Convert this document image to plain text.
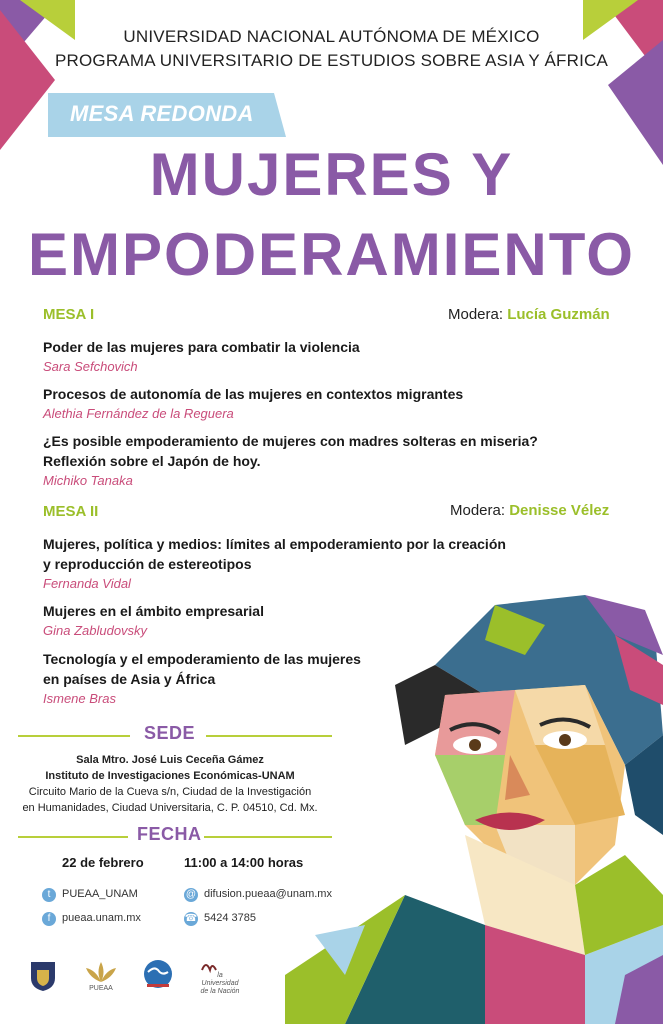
UNIVERSIDAD NACIONAL AUTÓNOMA DE MÉXICO
PROGRAMA UNIVERSITARIO DE ESTUDIOS SOBRE ASIA Y ÁFRICA
MESA REDONDA
MUJERES Y
EMPODERAMIENTO
MESA I	Modera: Lucía Guzmán
Poder de las mujeres para combatir la violencia
Sara Sefchovich
Procesos de autonomía de las mujeres en contextos migrantes
Alethia Fernández de la Reguera
¿Es posible empoderamiento de mujeres con madres solteras en miseria?
Reflexión sobre el Japón de hoy.
Michiko Tanaka
MESA II	Modera: Denisse Vélez
Mujeres, política y medios: límites al empoderamiento por la creación
y reproducción de estereotipos
Fernanda Vidal
Mujeres en el ámbito empresarial
Gina Zabludovsky
Tecnología y el empoderamiento de las mujeres
en países de Asia y África
Ismene Bras
SEDE
Sala Mtro. José Luis Ceceña Gámez
Instituto de Investigaciones Económicas-UNAM
Circuito Mario de la Cueva s/n, Ciudad de la Investigación
en Humanidades, Ciudad Universitaria, C. P. 04510, Cd. Mx.
FECHA
22 de febrero	11:00 a 14:00 horas
t	PUEAA_UNAM	@ difusion.pueaa@unam.mx
f	pueaa.unam.mx	☎ 5424 3785
PUEAA
la Universidad
de la Nación
